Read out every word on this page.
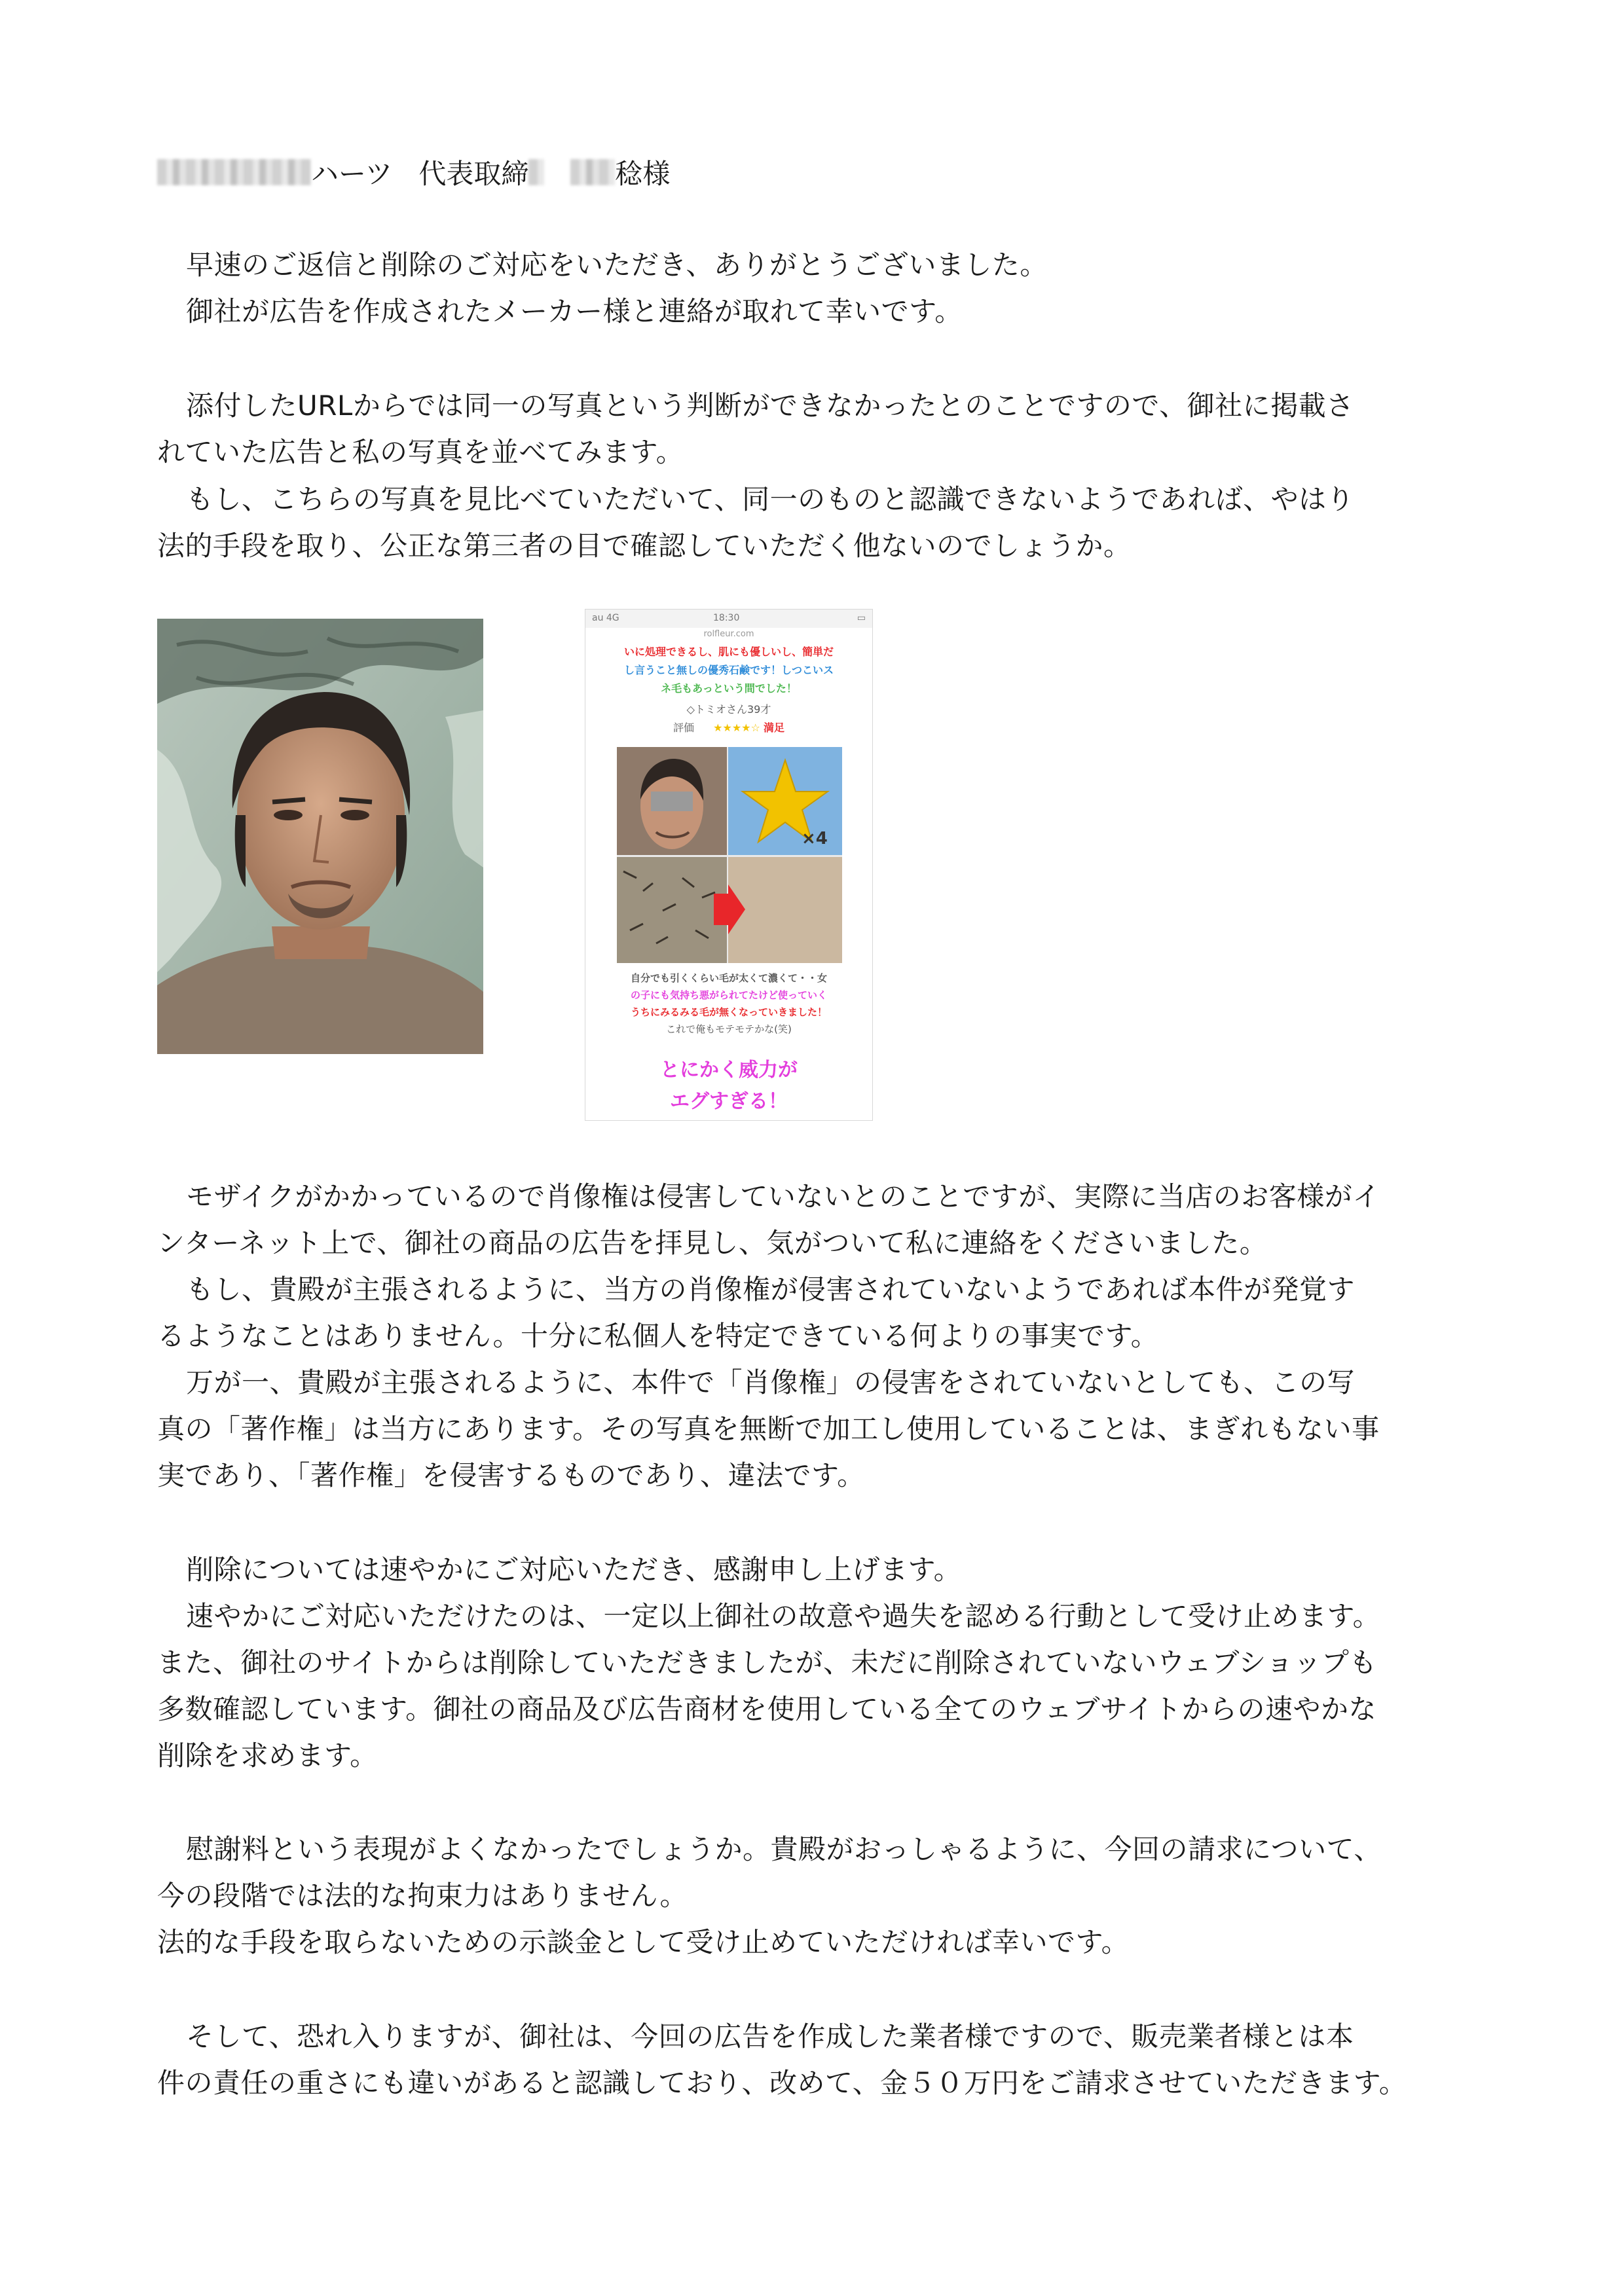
ハーツ 代表取締	稔 様
早速のご返信と削除のご対応をいただき、ありがとうございました。
御社が広告を作成されたメーカー様と連絡が取れて幸いです。
添付したURLからでは同一の写真という判断ができなかったとのことですので、御社に掲載さ
れていた広告と私の写真を並べてみます。
もし、こちらの写真を見比べていただいて、同一のものと認識できないようであれば、やはり
法的手段を取り、公正な第三者の目で確認していただく他ないのでしょうか。
au 4G	18:30	▭
rolfleur.com
いに処理できるし、肌にも優しいし、簡単だ
し言うこと無しの優秀石鹸です！しつこいス
ネ毛もあっという間でした！
◇トミオさん39才
評価 ★★★★☆ 満足
×4
自分でも引くくらい毛が太くて濃くて・・女
の子にも気持ち悪がられてたけど使っていく
うちにみるみる毛が無くなっていきました！
これで俺もモテモテかな(笑)
とにかく威力が
エグすぎる！
モザイクがかかっているので肖像権は侵害していないとのことですが、実際に当店のお客様がイ
ンターネット上で、御社の商品の広告を拝見し、気がついて私に連絡をくださいました。
もし、貴殿が主張されるように、当方の肖像権が侵害されていないようであれば本件が発覚す
るようなことはありません。十分に私個人を特定できている何よりの事実です。
万が一、貴殿が主張されるように、本件で「肖像権」の侵害をされていないとしても、この写
真の「著作権」は当方にあります。その写真を無断で加工し使用していることは、まぎれもない事
実であり、「著作権」を侵害するものであり、違法です。
削除については速やかにご対応いただき、感謝申し上げます。
速やかにご対応いただけたのは、一定以上御社の故意や過失を認める行動として受け止めます。
また、御社のサイトからは削除していただきましたが、未だに削除されていないウェブショップも
多数確認しています。御社の商品及び広告商材を使用している全てのウェブサイトからの速やかな
削除を求めます。
慰謝料という表現がよくなかったでしょうか。貴殿がおっしゃるように、今回の請求について、
今の段階では法的な拘束力はありません。
法的な手段を取らないための示談金として受け止めていただければ幸いです。
そして、恐れ入りますが、御社は、今回の広告を作成した業者様ですので、販売業者様とは本
件の責任の重さにも違いがあると認識しており、改めて、金５０万円をご請求させていただきます。
